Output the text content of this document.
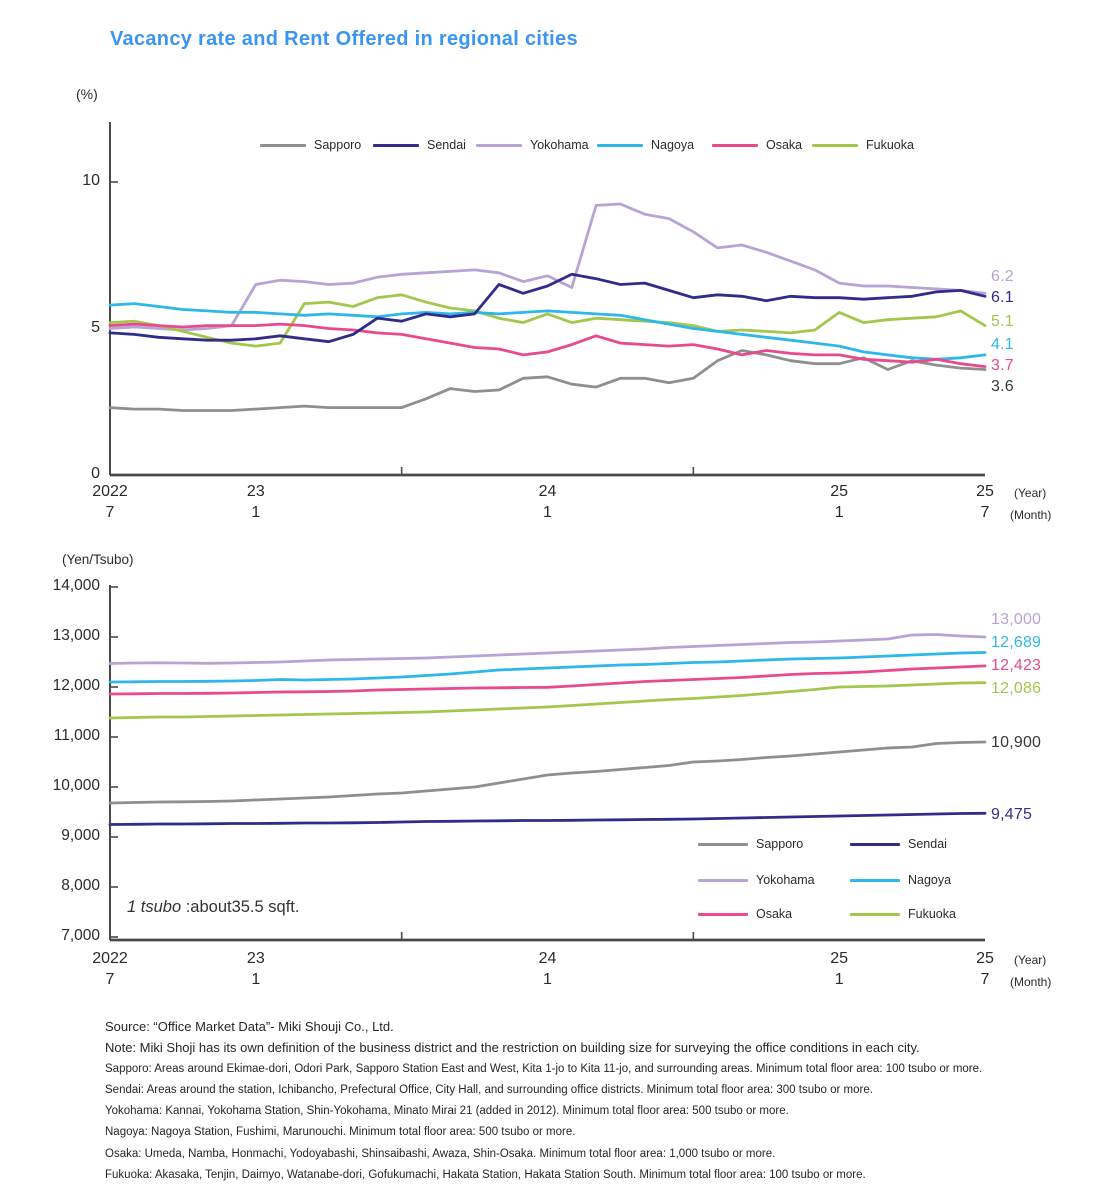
Vacancy rate and Rent Offered in regional cities
(%)
(Yen/Tsubo)
0
5
10
7,000
8,000
9,000
10,000
11,000
12,000
13,000
14,000
2022
7
23
1
24
1
25
1
25
7
(Year)
(Month)
2022
7
23
1
24
1
25
1
25
7
(Year)
(Month)
Sapporo	Sendai	Yokohama	Nagoya	Osaka	Fukuoka
Sapporo	Sendai
Yokohama	Nagoya
Osaka	Fukuoka
3.6
6.1
6.2
4.1
3.7
5.1
10,900
9,475
13,000
12,689
12,423
12,086
1 tsubo :about35.5 sqft.
Source: “Office Market Data”- Miki Shouji Co., Ltd.
Note: Miki Shoji has its own definition of the business district and the restriction on building size for surveying the office conditions in each city.
Sapporo: Areas around Ekimae-dori, Odori Park, Sapporo Station East and West, Kita 1-jo to Kita 11-jo, and surrounding areas. Minimum total floor area: 100 tsubo or more.
Sendai: Areas around the station, Ichibancho, Prefectural Office, City Hall, and surrounding office districts. Minimum total floor area: 300 tsubo or more.
Yokohama: Kannai, Yokohama Station, Shin-Yokohama, Minato Mirai 21 (added in 2012). Minimum total floor area: 500 tsubo or more.
Nagoya: Nagoya Station, Fushimi, Marunouchi. Minimum total floor area: 500 tsubo or more.
Osaka: Umeda, Namba, Honmachi, Yodoyabashi, Shinsaibashi, Awaza, Shin-Osaka. Minimum total floor area: 1,000 tsubo or more.
Fukuoka: Akasaka, Tenjin, Daimyo, Watanabe-dori, Gofukumachi, Hakata Station, Hakata Station South. Minimum total floor area: 100 tsubo or more.
